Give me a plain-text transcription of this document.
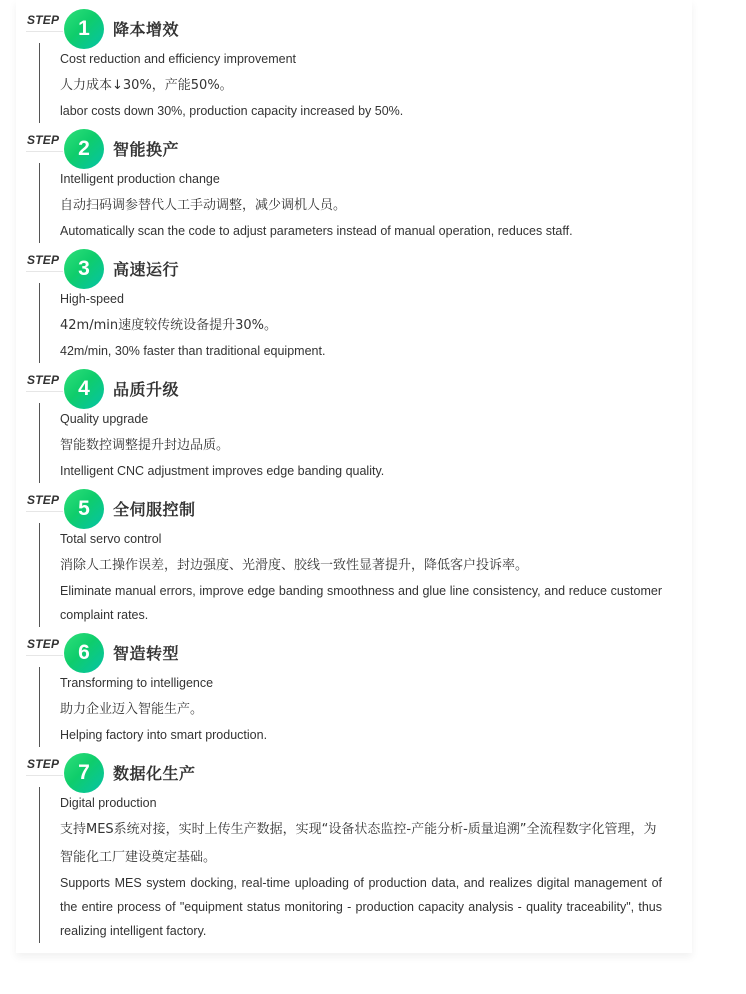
STEP 1	降本增效
Cost reduction and efficiency improvement
人力成本↓30%，产能50%。
labor costs down 30%, production capacity increased by 50%.
STEP 2	智能换产
Intelligent production change
自动扫码调参替代人工手动调整，减少调机人员。
Automatically scan the code to adjust parameters instead of manual operation, reduces staff.
STEP 3	高速运行
High-speed
42m/min速度较传统设备提升30%。
42m/min, 30% faster than traditional equipment.
STEP 4	品质升级
Quality upgrade
智能数控调整提升封边品质。
Intelligent CNC adjustment improves edge banding quality.
STEP 5	全伺服控制
Total servo control
消除人工操作误差，封边强度、光滑度、胶线一致性显著提升，降低客户投诉率。
Eliminate manual errors, improve edge banding smoothness and glue line consistency, and reduce customer complaint rates.
STEP 6	智造转型
Transforming to intelligence
助力企业迈入智能生产。
Helping factory into smart production.
STEP 7	数据化生产
Digital production
支持MES系统对接，实时上传生产数据，实现“设备状态监控-产能分析-质量追溯”全流程数字化管理，为智能化工厂建设奠定基础。
Supports MES system docking, real-time uploading of production data, and realizes digital management of the entire process of "equipment status monitoring - production capacity analysis - quality traceability", thus realizing intelligent factory.
